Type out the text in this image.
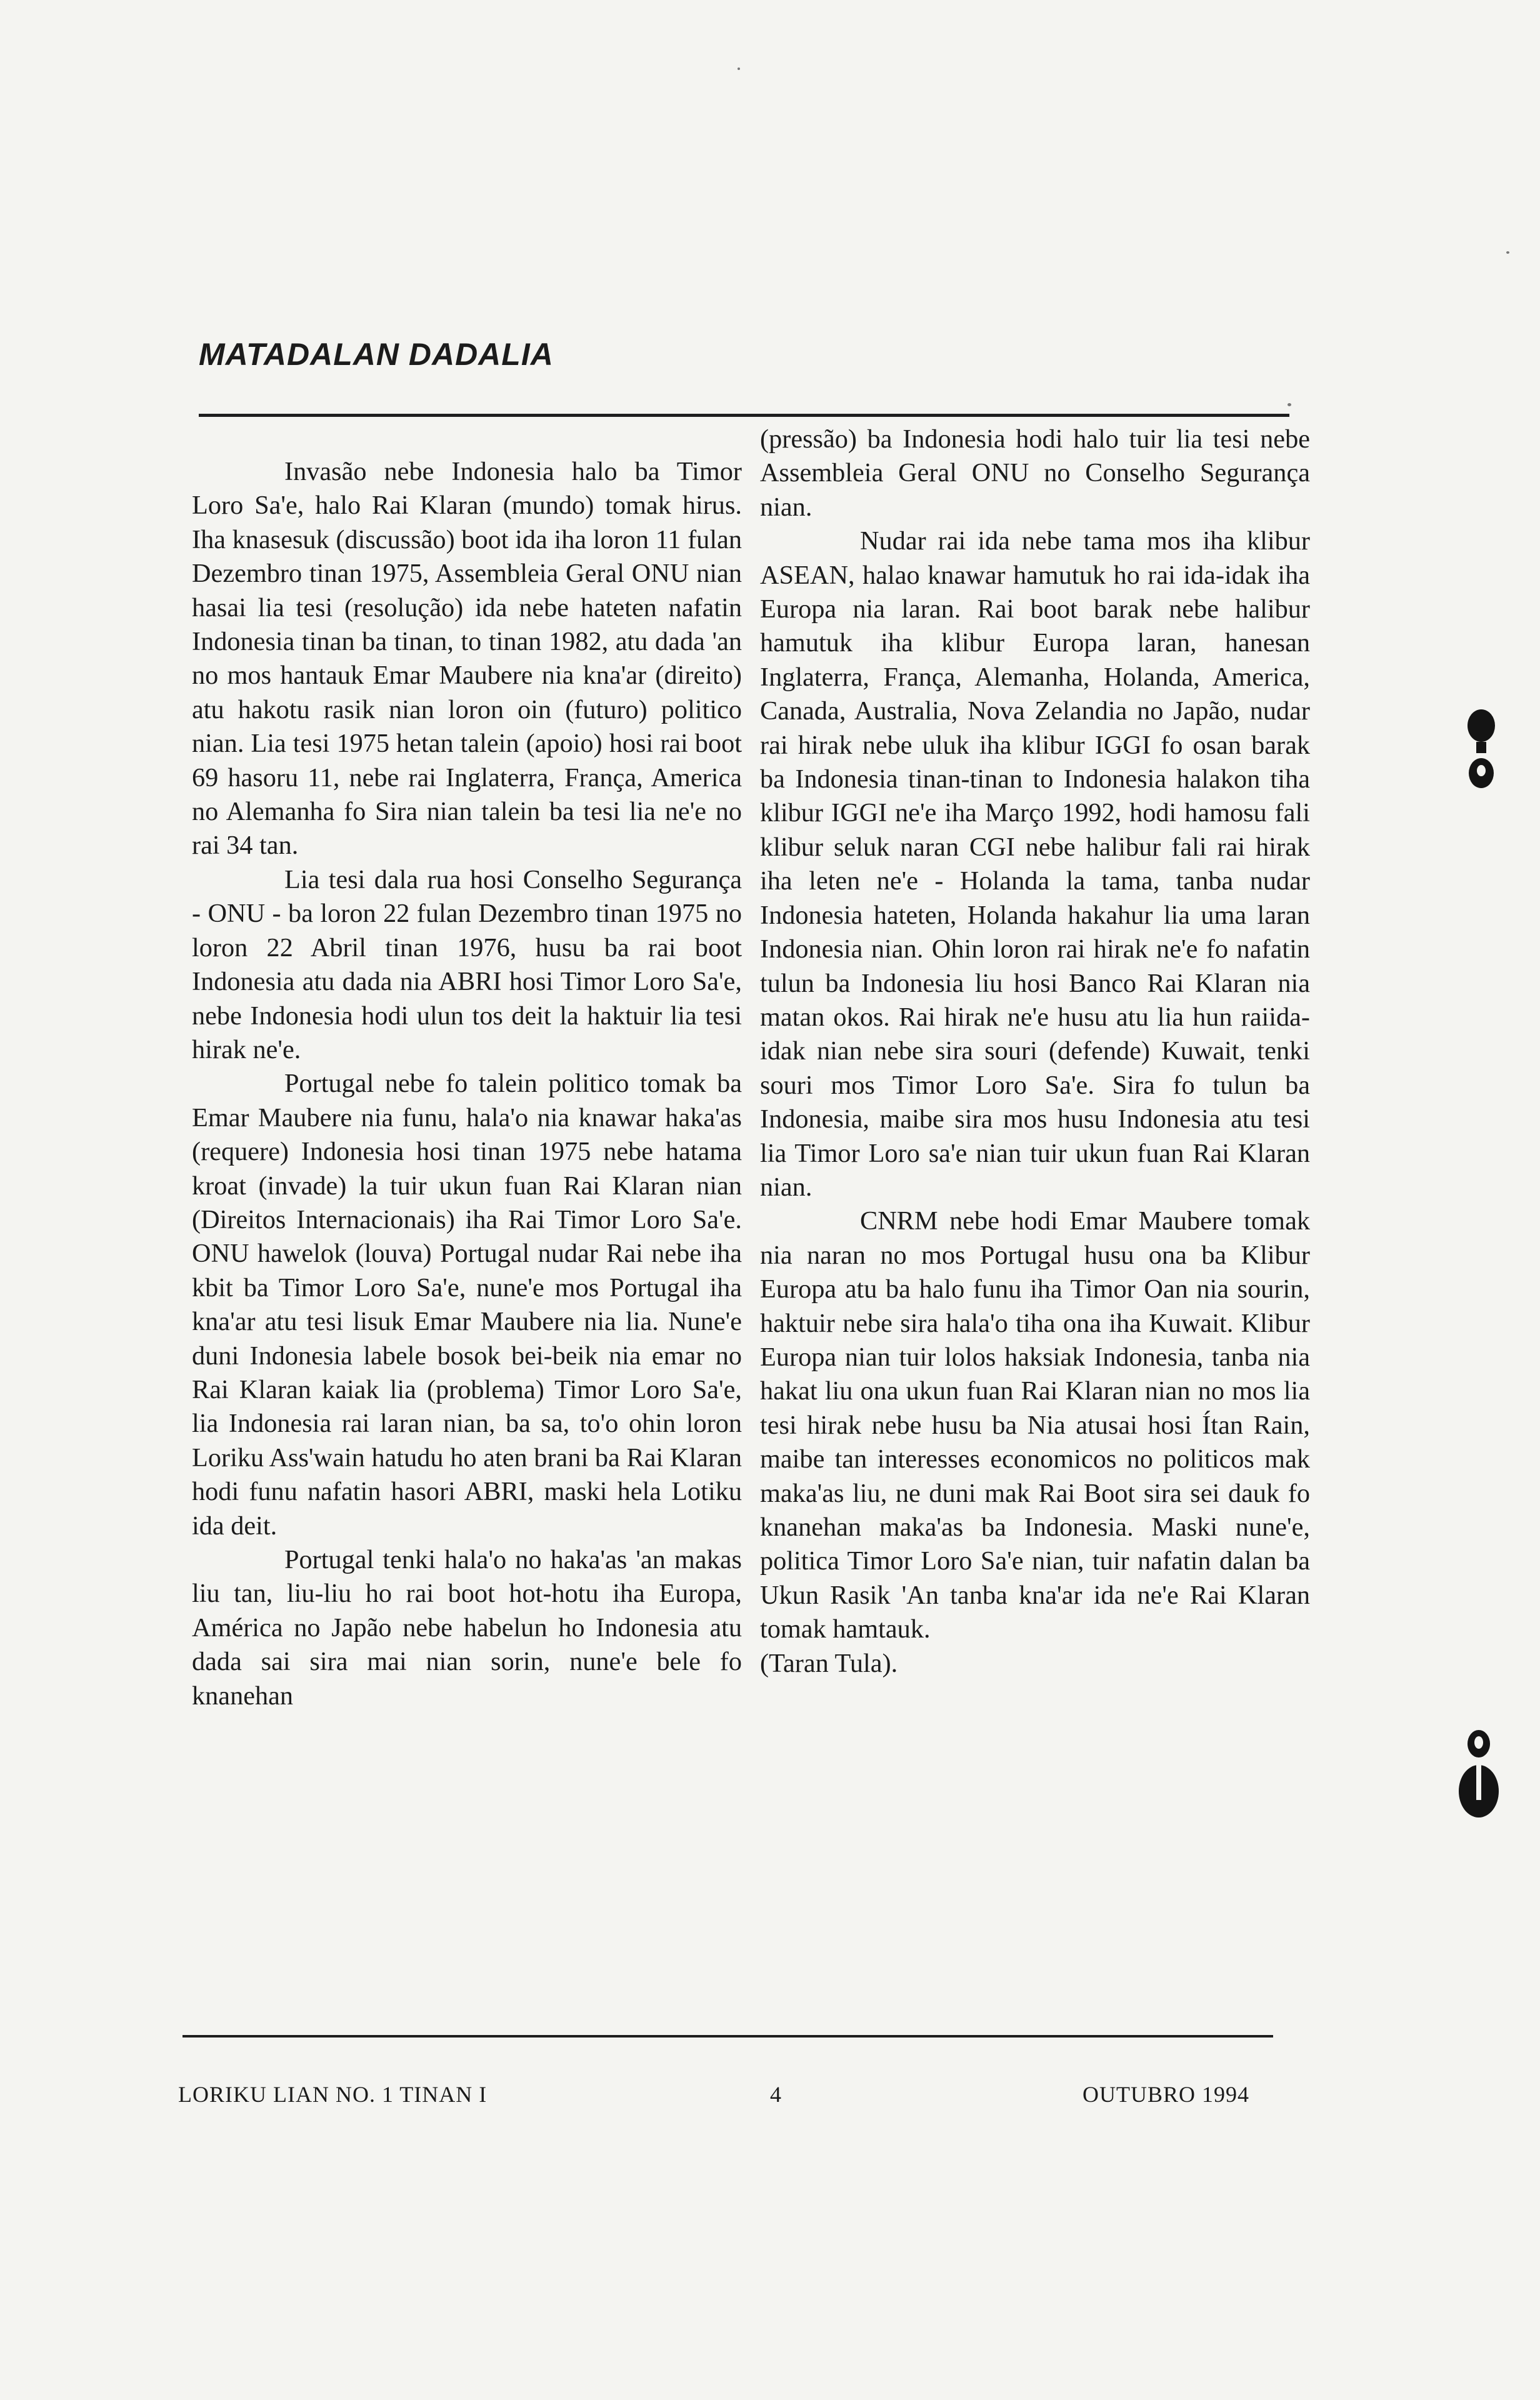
MATADALAN DADALIA

Invasão nebe Indonesia halo ba Timor Loro Sa'e, halo Rai Klaran (mundo) tomak hirus. Iha knasesuk (discussão) boot ida iha loron 11 fulan Dezembro tinan 1975, Assembleia Geral ONU nian hasai lia tesi (resolução) ida nebe hateten nafatin Indonesia tinan ba tinan, to tinan 1982, atu dada 'an no mos hantauk Emar Maubere nia kna'ar (direito) atu hakotu rasik nian loron oin (futuro) politico nian. Lia tesi 1975 hetan talein (apoio) hosi rai boot 69 hasoru 11, nebe rai Inglaterra, França, America no Alemanha fo Sira nian talein ba tesi lia ne'e no rai 34 tan.

Lia tesi dala rua hosi Conselho Segurança - ONU - ba loron 22 fulan Dezembro tinan 1975 no loron 22 Abril tinan 1976, husu ba rai boot Indonesia atu dada nia ABRI hosi Timor Loro Sa'e, nebe Indonesia hodi ulun tos deit la haktuir lia tesi hirak ne'e.

Portugal nebe fo talein politico tomak ba Emar Maubere nia funu, hala'o nia knawar haka'as (requere) Indonesia hosi tinan 1975 nebe hatama kroat (invade) la tuir ukun fuan Rai Klaran nian (Direitos Internacionais) iha Rai Timor Loro Sa'e. ONU hawelok (louva) Portugal nudar Rai nebe iha kbit ba Timor Loro Sa'e, nune'e mos Portugal iha kna'ar atu tesi lisuk Emar Maubere nia lia. Nune'e duni Indonesia labele bosok bei-beik nia emar no Rai Klaran kaiak lia (problema) Timor Loro Sa'e, lia Indonesia rai laran nian, ba sa, to'o ohin loron Loriku Ass'wain hatudu ho aten brani ba Rai Klaran hodi funu nafatin hasori ABRI, maski hela Lotiku ida deit.

Portugal tenki hala'o no haka'as 'an makas liu tan, liu-liu ho rai boot hot-hotu iha Europa, América no Japão nebe habelun ho Indonesia atu dada sai sira mai nian sorin, nune'e bele fo knanehan

(pressão) ba Indonesia hodi halo tuir lia tesi nebe Assembleia Geral ONU no Conselho Segurança nian.

Nudar rai ida nebe tama mos iha klibur ASEAN, halao knawar hamutuk ho rai ida-idak iha Europa nia laran. Rai boot barak nebe halibur hamutuk iha klibur Europa laran, hanesan Inglaterra, França, Alemanha, Holanda, America, Canada, Australia, Nova Zelandia no Japão, nudar rai hirak nebe uluk iha klibur IGGI fo osan barak ba Indonesia tinan-tinan to Indonesia halakon tiha klibur IGGI ne'e iha Março 1992, hodi hamosu fali klibur seluk naran CGI nebe halibur fali rai hirak iha leten ne'e - Holanda la tama, tanba nudar Indonesia hateten, Holanda hakahur lia uma laran Indonesia nian. Ohin loron rai hirak ne'e fo nafatin tulun ba Indonesia liu hosi Banco Rai Klaran nia matan okos. Rai hirak ne'e husu atu lia hun raiida-idak nian nebe sira souri (defende) Kuwait, tenki souri mos Timor Loro Sa'e. Sira fo tulun ba Indonesia, maibe sira mos husu Indonesia atu tesi lia Timor Loro sa'e nian tuir ukun fuan Rai Klaran nian.

CNRM nebe hodi Emar Maubere tomak nia naran no mos Portugal husu ona ba Klibur Europa atu ba halo funu iha Timor Oan nia sourin, haktuir nebe sira hala'o tiha ona iha Kuwait. Klibur Europa nian tuir lolos haksiak Indonesia, tanba nia hakat liu ona ukun fuan Rai Klaran nian no mos lia tesi hirak nebe husu ba Nia atusai hosi Ítan Rain, maibe tan interesses economicos no politicos mak maka'as liu, ne duni mak Rai Boot sira sei dauk fo knanehan maka'as ba Indonesia. Maski nune'e, politica Timor Loro Sa'e nian, tuir nafatin dalan ba Ukun Rasik 'An tanba kna'ar ida ne'e Rai Klaran tomak hamtauk.

(Taran Tula).

LORIKU LIAN NO. 1 TINAN I	4	OUTUBRO 1994
